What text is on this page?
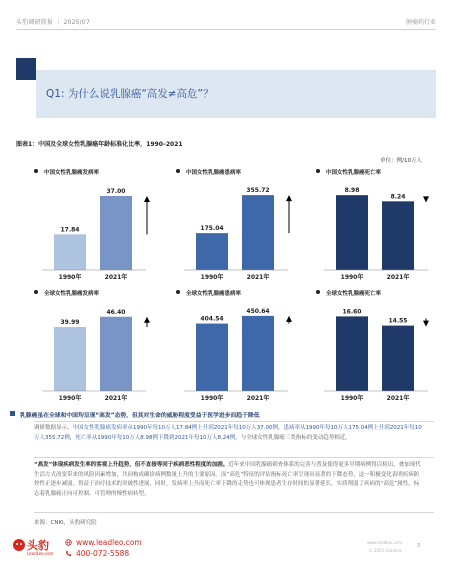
头豹调研简报 ｜ 2025/07	肿瘤药行业
Q1: 为什么说乳腺癌“高发≠高危”？
图表1：中国及全球女性乳腺癌年龄标准化比率，1990–2021
单位：例/10万人
中国女性乳腺癌发病率
17.84
1990年
37.00
2021年
中国女性乳腺癌患病率
175.04
1990年
355.72
2021年
中国女性乳腺癌死亡率
8.98
1990年
8.24
2021年
全球女性乳腺癌发病率
39.99
1990年
46.40
2021年
全球女性乳腺癌患病率
404.54
1990年
450.64
2021年
全球女性乳腺癌死亡率
16.60
1990年
14.55
2021年
乳腺癌虽在全球和中国均呈现“高发”态势，但其对生命的威胁程度受益于医学进步而趋于降低
调研数据显示，中国女性乳腺癌发病率从1990年每10万人17.84例上升到2021年每10万人37.00例，患病率从1990年每10万人175.04例上升到2021年每10万人355.72例，死亡率从1990年每10万人8.98例下降到2021年每10万人8.24例。与全球女性乳腺癌三类指标的变动趋势相近。
“高发”体现疾病发生率的客观上升趋势，但不直接等同于疾病恶性程度的加剧。近年来中国乳腺癌筛查体系的完善与普及使得更多早期病例得以检出，叠加现代生活方式改变带来的风险因素增加，共同构成确诊病例数量上升的主要原因。而“高危”特征的评估指标死亡率呈现出显著的下降态势，这一积极变化表明疾病防控性正逐步减弱，得益于治疗技术的突破性进展，同时，发病率上升而死亡率下降的走势也可体现患者生存时间的显著延长，实质削弱了疾病的“高危”属性，标志着乳腺癌正向可控制、可管理的慢性病转型。
来源：CNKI，头豹研究院
头豹
LeadLeo.com
www.leadleo.com
400-072-5588
www.leadleo.com
© 2025 LeadLeo
3
